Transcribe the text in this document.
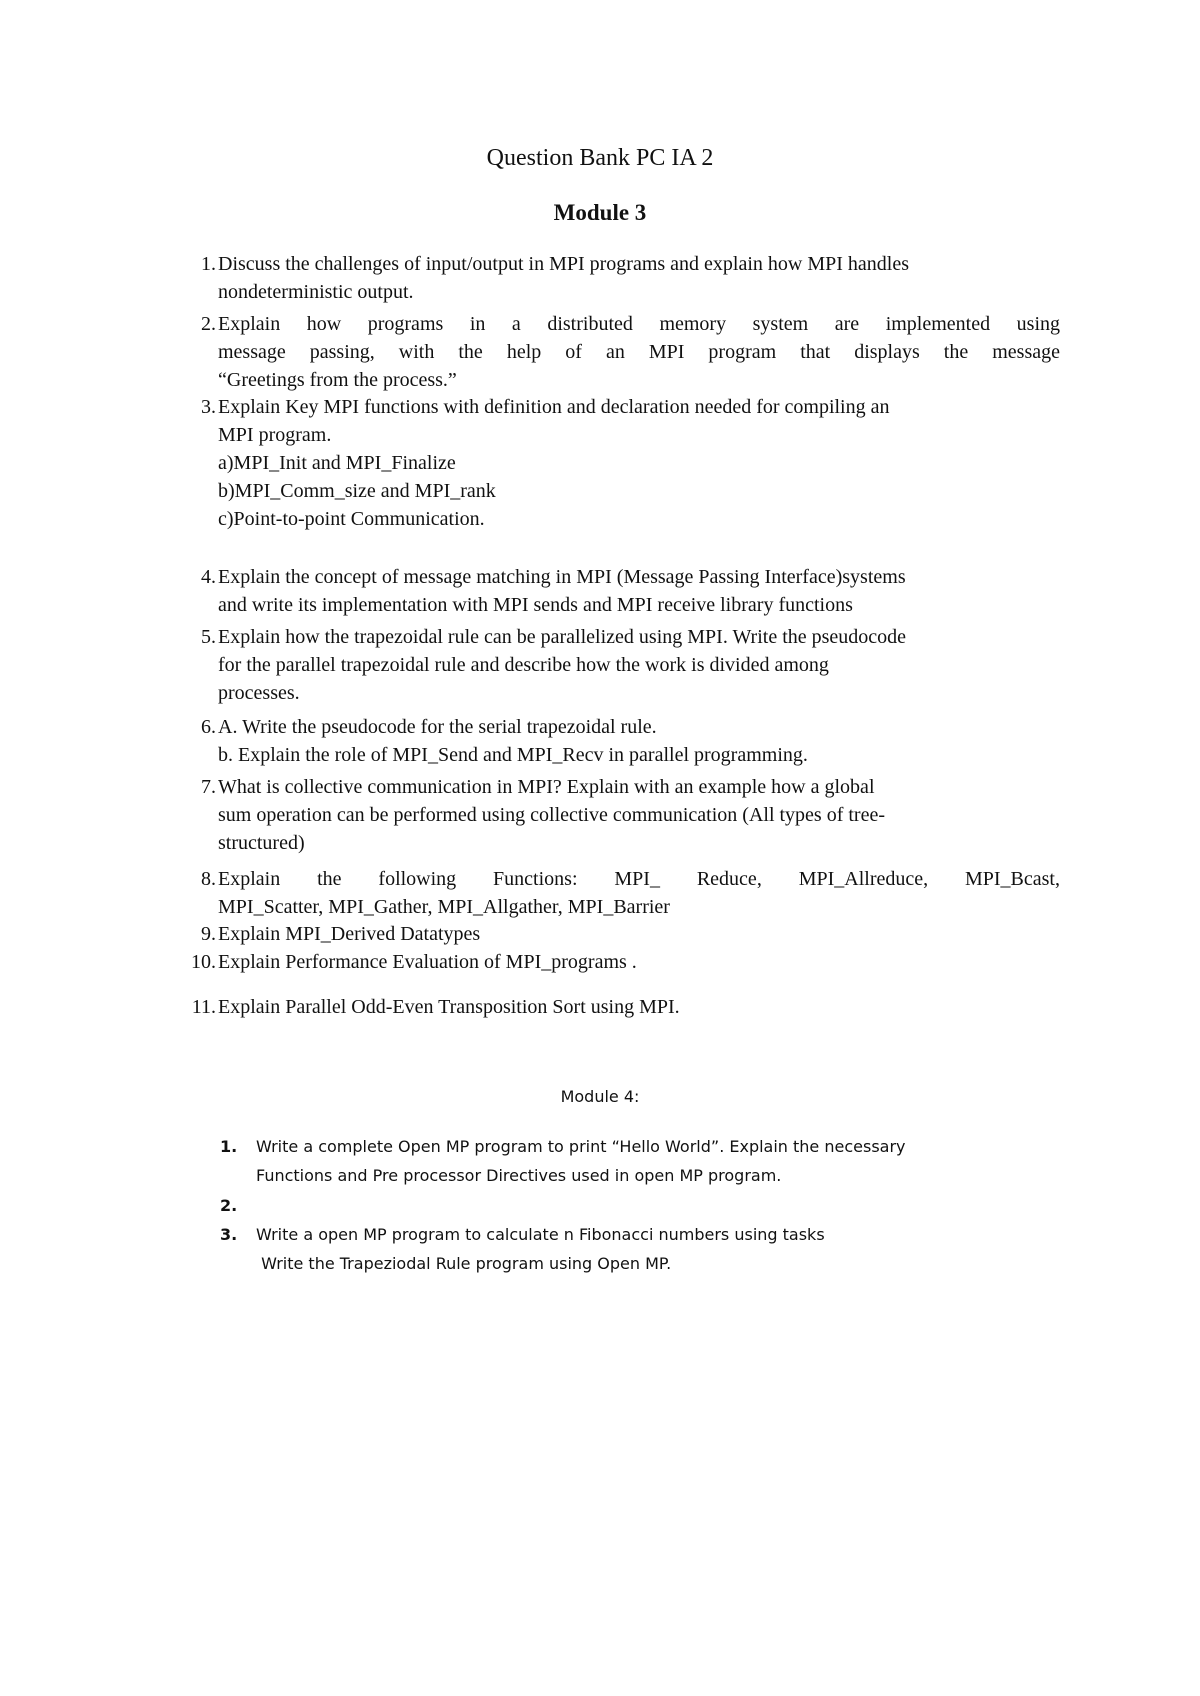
Question Bank PC IA 2
Module 3
1. Discuss the challenges of input/output in MPI programs and explain how MPI handles
nondeterministic output.
2. Explain how programs in a distributed memory system are implemented using
message passing, with the help of an MPI program that displays the message
“Greetings from the process.”
3. Explain Key MPI functions with definition and declaration needed for compiling an
MPI program.
a)MPI_Init and MPI_Finalize
b)MPI_Comm_size and MPI_rank
c)Point-to-point Communication.
4. Explain the concept of message matching in MPI (Message Passing Interface)systems
and write its implementation with MPI sends and MPI receive library functions
5. Explain how the trapezoidal rule can be parallelized using MPI. Write the pseudocode
for the parallel trapezoidal rule and describe how the work is divided among
processes.
6. A. Write the pseudocode for the serial trapezoidal rule.
b. Explain the role of MPI_Send and MPI_Recv in parallel programming.
7. What is collective communication in MPI? Explain with an example how a global
sum operation can be performed using collective communication (All types of tree-
structured)
8. Explain the following Functions: MPI_ Reduce, MPI_Allreduce, MPI_Bcast,
MPI_Scatter, MPI_Gather, MPI_Allgather, MPI_Barrier
9. Explain MPI_Derived Datatypes
10. Explain Performance Evaluation of MPI_programs .
11. Explain Parallel Odd-Even Transposition Sort using MPI.
Module 4:
1.	Write a complete Open MP program to print “Hello World”. Explain the necessary
Functions and Pre processor Directives used in open MP program.
2.

Write the Trapeziodal Rule program using Open MP.

3.	Write a open MP program to calculate n Fibonacci numbers using tasks
